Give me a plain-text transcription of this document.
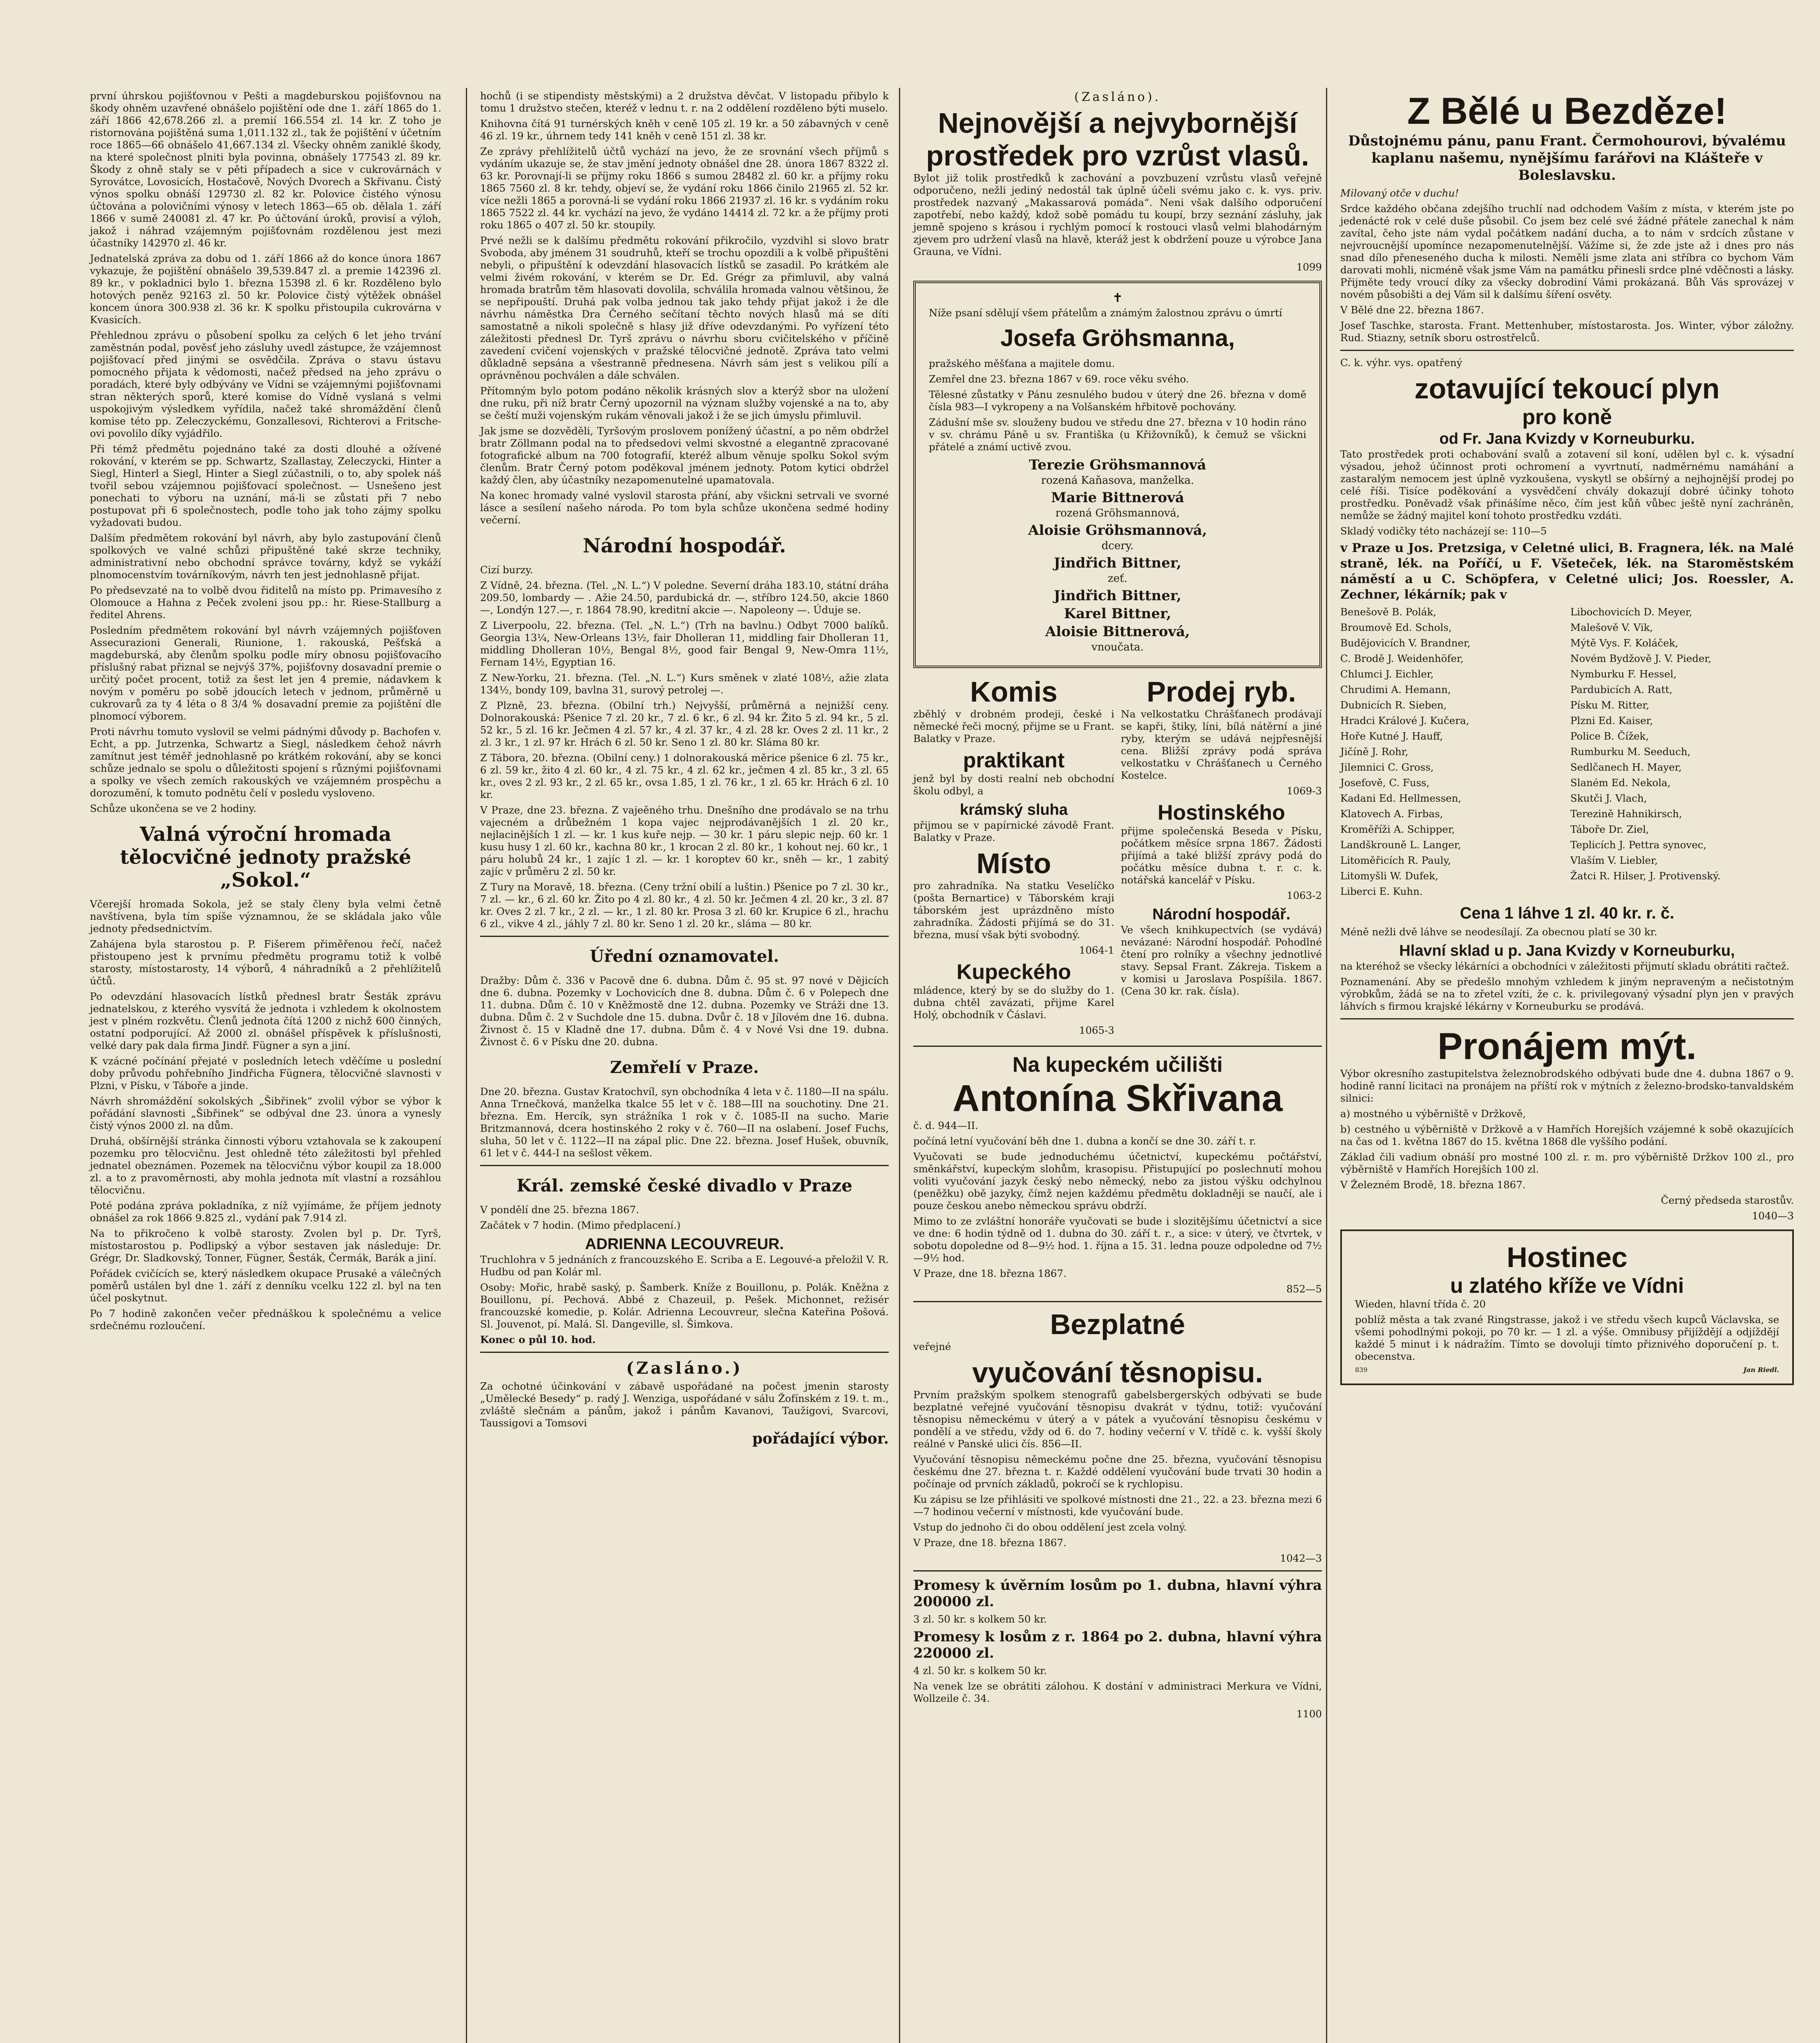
první úhrskou pojišťovnou v Pešti a magdeburskou pojišťovnou na škody ohněm uzavřené obnášelo pojištění ode dne 1. září 1865 do 1. září 1866 42,678.266 zl. a premií 166.554 zl. 14 kr. Z toho je ristornována pojištěná suma 1,011.132 zl., tak že pojištění v účetním roce 1865—66 obnášelo 41,667.134 zl. Všecky ohněm zaniklé škody, na které společnost plniti byla povinna, obnášely 177543 zl. 89 kr. Škody z ohně staly se v pěti případech a sice v cukrovárnách v Syrovátce, Lovosicích, Hostačově, Nových Dvorech a Skřivanu. Čistý výnos spolku obnáší 129730 zl. 82 kr. Polovice čistého výnosu účtována a polovičními výnosy v letech 1863—65 ob. dělala 1. září 1866 v sumě 240081 zl. 47 kr. Po účtování úroků, provisí a výloh, jakož i náhrad vzájemným pojišťovnám rozdělenou jest mezi účastníky 142970 zl. 46 kr.

Jednatelská zpráva za dobu od 1. září 1866 až do konce února 1867 vykazuje, že pojištění obnášelo 39,539.847 zl. a premie 142396 zl. 89 kr., v pokladnici bylo 1. března 15398 zl. 6 kr. Rozděleno bylo hotových peněz 92163 zl. 50 kr. Polovice čistý výtěžek obnášel koncem února 300.938 zl. 36 kr. K spolku přistoupila cukrovárna v Kvasicích.

Přehlednou zprávu o působení spolku za celých 6 let jeho trvání zaměstnán podal, pověsť jeho zásluhy uvedl zástupce, že vzájemnost pojišťovací před jinými se osvědčila. Zpráva o stavu ústavu pomocného přijata k vědomosti, načež předsed na jeho zprávu o poradách, které byly odbývány ve Vídni se vzájemnými pojišťovnami stran některých sporů, které komise do Vídně vyslaná s velmi uspokojivým výsledkem vyřídila, načež také shromáždění členů komise této pp. Zeleczyckému, Gonzallesovi, Richterovi a Fritsche-ovi povolilo díky vyjádřilo.

Při témž předmětu pojednáno také za dosti dlouhé a ožívené rokování, v kterém se pp. Schwartz, Szallastay, Zeleczycki, Hinter a Siegl, Hinterl a Siegl, Hinter a Siegl zúčastnili, o to, aby spolek náš tvořil sebou vzájemnou pojišťovací společnost. — Usnešeno jest ponechati to výboru na uznání, má-li se zůstati při 7 nebo postupovat při 6 společnostech, podle toho jak toho zájmy spolku vyžadovati budou.

Dalším předmětem rokování byl návrh, aby bylo zastupování členů spolkových ve valné schůzi připuštěné také skrze techniky, administrativní nebo obchodní správce továrny, když se vykáží plnomocenstvím továrníkovým, návrh ten jest jednohlasně přijat.

Po předsevzaté na to volbě dvou řiditelů na místo pp. Primavesího z Olomouce a Hahna z Peček zvoleni jsou pp.: hr. Riese-Stallburg a ředitel Ahrens.

Posledním předmětem rokování byl návrh vzájemných pojišťoven Assecurazioni Generali, Riunione, 1. rakouská, Pešťská a magdeburská, aby členům spolku podle míry obnosu pojišťovacího příslušný rabat přiznal se nejvýš 37%, pojišťovny dosavadní premie o určitý počet procent, totiž za šest let jen 4 premie, nádavkem k novým v poměru po sobě jdoucích letech v jednom, průměrně u cukrovarů za ty 4 léta o 8 3/4 % dosavadní premie za pojištění dle plnomocí výborem.

Proti návrhu tomuto vyslovil se velmi pádnými důvody p. Bachofen v. Echt, a pp. Jutrzenka, Schwartz a Siegl, následkem čehož návrh zamítnut jest téměř jednohlasně po krátkém rokování, aby se konci schůze jednalo se spolu o důležitosti spojení s různými pojišťovnami a spolky ve všech zemích rakouských ve vzájemném prospěchu a dorozumění, k tomuto podnětu čelí v posledu vysloveno.

Schůze ukončena se ve 2 hodiny.

Valná výroční hromada tělocvičné jednoty pražské „Sokol.“

Včerejší hromada Sokola, jež se staly členy byla velmi četně navštívena, byla tím spíše významnou, že se skládala jako vůle jednoty předsednictvím.

Zahájena byla starostou p. P. Fišerem přiměřenou řečí, načež přistoupeno jest k prvnímu předmětu programu totiž k volbě starosty, místostarosty, 14 výborů, 4 náhradníků a 2 přehlížitelů účtů.

Po odevzdání hlasovacích lístků přednesl bratr Šesták zprávu jednatelskou, z kterého vysvítá že jednota i vzhledem k okolnostem jest v plném rozkvětu. Členů jednota čítá 1200 z nichž 600 činných, ostatní podporující. Až 2000 zl. obnášel příspěvek k příslušnosti, velké dary pak dala firma Jindř. Fügner a syn a jiní.

K vzácné počínání přejaté v posledních letech vděčíme u poslední doby průvodu pohřebního Jindřicha Fügnera, tělocvičné slavnosti v Plzni, v Písku, v Táboře a jinde.

Návrh shromáždění sokolských „Šibřinek“ zvolil výbor se výbor k pořádání slavnosti „Šibřinek“ se odbýval dne 23. února a vynesly čistý výnos 2000 zl. na dům.

Druhá, obšírnější stránka činnosti výboru vztahovala se k zakoupení pozemku pro tělocvičnu. Jest ohledně této záležitosti byl přehled jednatel obeznámen. Pozemek na tělocvičnu výbor koupil za 18.000 zl. a to z pravoměrnosti, aby mohla jednota mít vlastní a rozsáhlou tělocvičnu.

Poté podána zpráva pokladníka, z níž vyjímáme, že příjem jednoty obnášel za rok 1866 9.825 zl., vydání pak 7.914 zl.

Na to přikročeno k volbě starosty. Zvolen byl p. Dr. Tyrš, místostarostou p. Podlipský a výbor sestaven jak následuje: Dr. Grégr, Dr. Sladkovský, Tonner, Fügner, Šesták, Čermák, Barák a jiní.

Pořádek cvičících se, který následkem okupace Prusaké a válečných poměrů ustálen byl dne 1. září z denníku vcelku 122 zl. byl na ten účel poskytnut.

Po 7 hodině zakončen večer přednáškou k společnému a velice srdečnému rozloučení.

hochů (i se stipendisty městskými) a 2 družstva děvčat. V listopadu přibylo k tomu 1 družstvo stečen, kteréž v lednu t. r. na 2 oddělení rozděleno býti muselo.

Knihovna čítá 91 turnérských kněh v ceně 105 zl. 19 kr. a 50 zábavných v ceně 46 zl. 19 kr., úhrnem tedy 141 kněh v ceně 151 zl. 38 kr.

Ze zprávy přehlížitelů účtů vychází na jevo, že ze srovnání všech příjmů s vydáním ukazuje se, že stav jmění jednoty obnášel dne 28. února 1867 8322 zl. 63 kr. Porovnají-li se příjmy roku 1866 s sumou 28482 zl. 60 kr. a příjmy roku 1865 7560 zl. 8 kr. tehdy, objeví se, že vydání roku 1866 činilo 21965 zl. 52 kr. více nežli 1865 a porovná-li se vydání roku 1866 21937 zl. 16 kr. s vydáním roku 1865 7522 zl. 44 kr. vychází na jevo, že vydáno 14414 zl. 72 kr. a že příjmy proti roku 1865 o 407 zl. 50 kr. stoupily.

Prvé nežli se k dalšímu předmětu rokování přikročilo, vyzdvihl si slovo bratr Svoboda, aby jménem 31 soudruhů, kteří se trochu opozdili a k volbě připuštěni nebyli, o připuštění k odevzdání hlasovacích lístků se zasadil. Po krátkém ale velmi živém rokování, v kterém se Dr. Ed. Grégr za přimluvil, aby valná hromada bratrům těm hlasovati dovolila, schválila hromada valnou většinou, že se nepřipouští. Druhá pak volba jednou tak jako tehdy přijat jakož i že dle návrhu náměstka Dra Černého sečítaní těchto nových hlasů má se díti samostatně a nikoli společně s hlasy již dříve odevzdanými. Po vyřízení této záležitosti přednesl Dr. Tyrš zprávu o návrhu sboru cvičitelského v příčině zavedení cvičení vojenských v pražské tělocvičné jednotě. Zpráva tato velmi důkladně sepsána a všestranně přednesena. Návrh sám jest s velikou pílí a oprávněnou pochválen a dále schválen.

Přítomným bylo potom podáno několik krásných slov a kterýž sbor na uložení dne ruku, při níž bratr Černý upozornil na význam služby vojenské a na to, aby se čeští muži vojenským rukám věnovali jakož i že se jich úmyslu přimluvil.

Jak jsme se dozvěděli, Tyršovým proslovem ponížený účastní, a po něm obdržel bratr Zöllmann podal na to předsedovi velmi skvostné a elegantně zpracované fotografické album na 700 fotografií, kteréž album věnuje spolku Sokol svým členům. Bratr Černý potom poděkoval jménem jednoty. Potom kytici obdržel každý člen, aby účastníky nezapomenutelné upamatovala.

Na konec hromady valné vyslovil starosta přání, aby všickni setrvali ve svorné lásce a sesílení našeho národa. Po tom byla schůze ukončena sedmé hodiny večerní.

Národní hospodář.

Cizí burzy.

Z Vídně, 24. března. (Tel. „N. L.“) V poledne. Severní dráha 183.10, státní dráha 209.50, lombardy — . Ažie 24.50, pardubická dr. —, stříbro 124.50, akcie 1860 —, Londýn 127.—, r. 1864 78.90, kreditní akcie —. Napoleony —. Úduje se.

Z Liverpoolu, 22. března. (Tel. „N. L.“) (Trh na bavlnu.) Odbyt 7000 balíků. Georgia 13¼, New-Orleans 13½, fair Dholleran 11, middling fair Dholleran 11, middling Dholleran 10½, Bengal 8½, good fair Bengal 9, New-Omra 11½, Fernam 14½, Egyptian 16.

Z New-Yorku, 21. března. (Tel. „N. L.“) Kurs směnek v zlaté 108½, ažie zlata 134½, bondy 109, bavlna 31, surový petrolej —.

Z Plzně, 23. března. (Obilní trh.) Nejvyšší, průměrná a nejnižší ceny. Dolnorakouská: Pšenice 7 zl. 20 kr., 7 zl. 6 kr., 6 zl. 94 kr. Žito 5 zl. 94 kr., 5 zl. 52 kr., 5 zl. 16 kr. Ječmen 4 zl. 57 kr., 4 zl. 37 kr., 4 zl. 28 kr. Oves 2 zl. 11 kr., 2 zl. 3 kr., 1 zl. 97 kr. Hrách 6 zl. 50 kr. Seno 1 zl. 80 kr. Sláma 80 kr.

Z Tábora, 20. března. (Obilní ceny.) 1 dolnorakouská měrice pšenice 6 zl. 75 kr., 6 zl. 59 kr., žito 4 zl. 60 kr., 4 zl. 75 kr., 4 zl. 62 kr., ječmen 4 zl. 85 kr., 3 zl. 65 kr., oves 2 zl. 93 kr., 2 zl. 65 kr., ovsa 1.85, 1 zl. 76 kr., 1 zl. 65 kr. Hrách 6 zl. 10 kr.

V Praze, dne 23. března. Z vajeěného trhu. Dnešního dne prodávalo se na trhu vajecném a drůbežném 1 kopa vajec nejprodávanějších 1 zl. 20 kr., nejlacinějších 1 zl. — kr. 1 kus kuře nejp. — 30 kr. 1 páru slepic nejp. 60 kr. 1 kusu husy 1 zl. 60 kr., kachna 80 kr., 1 krocan 2 zl. 80 kr., 1 kohout nej. 60 kr., 1 páru holubů 24 kr., 1 zajíc 1 zl. — kr. 1 koroptev 60 kr., sněh — kr., 1 zabitý zajíc v průměru 2 zl. 50 kr.

Z Tury na Moravě, 18. března. (Ceny tržní obilí a luštin.) Pšenice po 7 zl. 30 kr., 7 zl. — kr., 6 zl. 60 kr. Žito po 4 zl. 80 kr., 4 zl. 50 kr. Ječmen 4 zl. 20 kr., 3 zl. 87 kr. Oves 2 zl. 7 kr., 2 zl. — kr., 1 zl. 80 kr. Prosa 3 zl. 60 kr. Krupice 6 zl., hrachu 6 zl., vikve 4 zl., jáhly 7 zl. 80 kr. Seno 1 zl. 20 kr., sláma — 80 kr.

Úřední oznamovatel.

Dražby: Dům č. 336 v Pacově dne 6. dubna. Dům č. 95 st. 97 nové v Dějicích dne 6. dubna. Pozemky v Lochovicích dne 8. dubna. Dům č. 6 v Polepech dne 11. dubna. Dům č. 10 v Kněžmostě dne 12. dubna. Pozemky ve Stráži dne 13. dubna. Dům č. 2 v Suchdole dne 15. dubna. Dvůr č. 18 v Jílovém dne 16. dubna. Živnost č. 15 v Kladně dne 17. dubna. Dům č. 4 v Nové Vsi dne 19. dubna. Živnost č. 6 v Písku dne 20. dubna.

Zemřelí v Praze.

Dne 20. března. Gustav Kratochvíl, syn obchodníka 4 leta v č. 1180—II na spálu. Anna Trnečková, manželka tkalce 55 let v č. 188—III na souchotiny. Dne 21. března. Em. Hercík, syn strážníka 1 rok v č. 1085-II na sucho. Marie Britzmannová, dcera hostinského 2 roky v č. 760—II na oslabení. Josef Fuchs, sluha, 50 let v č. 1122—II na zápal plic. Dne 22. března. Josef Hušek, obuvník, 61 let v č. 444-I na sešlost věkem.

Král. zemské české divadlo v Praze

V pondělí dne 25. března 1867.

Začátek v 7 hodin. (Mimo předplacení.)

ADRIENNA LECOUVREUR.

Truchlohra v 5 jednáních z francouzského E. Scriba a E. Legouvé-a přeložil V. R. Hudbu od pan Kolár ml.

Osoby: Mořic, hrabě saský, p. Šamberk. Kníže z Bouillonu, p. Polák. Kněžna z Bouillonu, pí. Pechová. Abbé z Chazeuil, p. Pešek. Michonnet, režisér francouzské komedie, p. Kolár. Adrienna Lecouvreur, slečna Kateřina Pošová. Sl. Jouvenot, pí. Malá. Sl. Dangeville, sl. Šimkova.

Konec o půl 10. hod.

(Zasláno.)

Za ochotné účinkování v zábavě uspořádané na počest jmenin starosty „Umělecké Besedy“ p. radý J. Wenziga, uspořádané v sálu Žofínském z 19. t. m., zvláště slečnám a pánům, jakož i pánům Kavanovi, Taužigovi, Svarcovi, Taussigovi a Tomsovi

pořádající výbor.

(Zasláno).

Nejnovější a nejvybornější prostředek pro vzrůst vlasů.

Bylot již tolik prostředků k zachování a povzbuzení vzrůstu vlasů veřejně odporučeno, nežli jediný nedostál tak úplně účeli svému jako c. k. vys. priv. prostředek nazvaný „Makassarová pomáda“. Neni však dalšího odporučení zapotřebí, nebo každý, kdož sobě pomádu tu koupí, brzy seznání zásluhy, jak jemně spojeno s krásou i rychlým pomocí k rostouci vlasů velmi blahodárným zjevem pro udržení vlasů na hlavě, kteráž jest k obdržení pouze u výrobce Jana Grauna, ve Vídni.

1099

Níže psaní sdělují všem přátelům a známým žalostnou zprávu o úmrtí

Josefa Gröhsmanna,

pražského měšťana a majitele domu.

Zemřel dne 23. března 1867 v 69. roce věku svého.

Tělesné zůstatky v Pánu zesnulého budou v úterý dne 26. března v domě čísla 983—I vykropeny a na Volšanském hřbitově pochovány.

Zádušní mše sv. slouženy budou ve středu dne 27. března v 10 hodin ráno v sv. chrámu Páně u sv. Františka (u Křižovníků), k čemuž se všickni přátelé a známí uctivě zvou.

Terezie Gröhsmannová

rozená Kaňasova, manželka.

Marie Bittnerová

rozená Gröhsmannová,

Aloisie Gröhsmannová,

dcery.

Jindřich Bittner,

zeť.

Jindřich Bittner,

Karel Bittner,

Aloisie Bittnerová,

vnoučata.

Komis

zběhlý v drobném prodeji, české i německé řeči mocný, přijme se u Frant. Balatky v Praze.

praktikant

jenž byl by dosti realní neb obchodní školu odbyl, a

krámský sluha

přijmou se v papírnické závodě Frant. Balatky v Praze.

Místo

pro zahradníka. Na statku Veselíčko (pošta Bernartice) v Táborském kraji táborském jest uprázdněno místo zahradníka. Žádosti přijímá se do 31. března, musí však býti svobodný.

1064-1

Kupeckého

mládence, který by se do služby do 1. dubna chtěl zavázati, přijme Karel Holý, obchodník v Čáslavi.

1065-3

Prodej ryb.

Na velkostatku Chrášťanech prodávají se kapři, štiky, líni, bílá nátěrní a jiné ryby, kterým se udává nejpřesnější cena. Bližší zprávy podá správa velkostatku v Chrášťanech u Černého Kostelce.

1069-3

Hostinského

přijme společenská Beseda v Písku, počátkem měsíce srpna 1867. Žádosti přijímá a také bližší zprávy podá do počátku měsíce dubna t. r. c. k. notářská kancelář v Písku.

1063-2

Národní hospodář.

Ve všech knihkupectvích (se vydává) nevázané: Národní hospodář. Pohodlné čtení pro rolníky a všechny jednotlivé stavy. Sepsal Frant. Zákreja. Tiskem a v komisi u Jaroslava Pospíšila. 1867. (Cena 30 kr. rak. čísla).

Na kupeckém učilišti

Antonína Skřivana

č. d. 944—II.

počíná letní vyučování běh dne 1. dubna a končí se dne 30. září t. r.

Vyučovati se bude jednoduchému účetnictví, kupeckému počtářství, směnkářství, kupeckým slohům, krasopisu. Přistupující po poslechnutí mohou voliti vyučování jazyk český nebo německý, nebo za jistou výšku odchylnou (peněžku) obě jazyky, čímž nejen každému předmětu dokladněji se naučí, ale i pouze českou anebo německou správu obdrží.

Mimo to ze zvláštní honoráře vyučovati se bude i slozitějšímu účetnictví a sice ve dne: 6 hodin týdně od 1. dubna do 30. září t. r., a sice: v úterý, ve čtvrtek, v sobotu dopoledne od 8—9½ hod. 1. října a 15. 31. ledna pouze odpoledne od 7½—9½ hod.

V Praze, dne 18. března 1867.

852—5

Bezplatné

veřejné

vyučování těsnopisu.

Prvním pražským spolkem stenografů gabelsbergerských odbývati se bude bezplatné veřejné vyučování těsnopisu dvakrát v týdnu, totiž: vyučování těsnopisu německému v úterý a v pátek a vyučování těsnopisu českému v pondělí a ve středu, vždy od 6. do 7. hodiny večerní v V. třídě c. k. vyšší školy reálné v Panské ulici čís. 856—II.

Vyučování těsnopisu německému počne dne 25. března, vyučování těsnopisu českému dne 27. března t. r. Každé oddělení vyučování bude trvati 30 hodin a počínaje od prvních základů, pokročí se k rychlopisu.

Ku zápisu se lze přihlásiti ve spolkové místnosti dne 21., 22. a 23. března mezi 6—7 hodinou večerní v místnosti, kde vyučování bude.

Vstup do jednoho či do obou oddělení jest zcela volný.

V Praze, dne 18. března 1867.

1042—3

Promesy k úvěrním losům po 1. dubna, hlavní výhra 200000 zl.

3 zl. 50 kr. s kolkem 50 kr.

Promesy k losům z r. 1864 po 2. dubna, hlavní výhra 220000 zl.

4 zl. 50 kr. s kolkem 50 kr.

Na venek lze se obrátiti zálohou. K dostání v administraci Merkura ve Vídni, Wollzeile č. 34.

1100

Z Bělé u Bezděze!

Důstojnému pánu, panu Frant. Čermohourovi, bývalému kaplanu našemu, nynějšímu farářovi na Klášteře v Boleslavsku.

Milovaný otče v duchu!

Srdce každého občana zdejšího truchlí nad odchodem Vaším z místa, v kterém jste po jedenácté rok v celé duše působil. Co jsem bez celé své žádné přátele zanechal k nám zavítal, čeho jste nám vydal počátkem nadání ducha, a to nám v srdcích zůstane v nejvroucnější upomínce nezapomenutelnější. Vážíme si, že zde jste až i dnes pro nás snad dílo přeneseného ducha k milosti. Neměli jsme zlata ani stříbra co bychom Vám darovati mohli, nicméně však jsme Vám na památku přinesli srdce plné vděčnosti a lásky. Přijměte tedy vroucí díky za všecky dobrodiní Vámi prokázaná. Bůh Vás sprovázej v novém působišti a dej Vám sil k dalšímu šíření osvěty.

V Bělé dne 22. března 1867.

Josef Taschke, starosta. Frant. Mettenhuber, místostarosta. Jos. Winter, výbor záložny. Rud. Stiazny, setník sboru ostrostřelců.

C. k. výhr. vys. opatřený

zotavující tekoucí plyn

pro koně

od Fr. Jana Kvizdy v Korneuburku.

Tato prostředek proti ochabování svalů a zotavení sil koní, udělen byl c. k. výsadní výsadou, jehož účinnost proti ochromení a vyvrtnutí, nadměrnému namáhání a zastaralým nemocem jest úplně vyzkoušena, vyskytl se obšírný a nejhojnější prodej po celé říši. Tisíce poděkování a vysvědčení chvály dokazují dobré účinky tohoto prostředku. Poněvadž však přinášíme něco, čím jest kůň vůbec ještě nyní zachráněn, nemůže se žádný majitel koní tohoto prostředku vzdáti.

Skladý vodičky této nacházejí se: 110—5

v Praze u Jos. Pretzsiga, v Celetné ulici, B. Fragnera, lék. na Malé straně, lék. na Poříčí, u F. Všeteček, lék. na Staroměstském náměstí a u C. Schöpfera, v Celetné ulici; Jos. Roessler, A. Zechner, lékárník; pak v

Benešově B. Polák,

Broumově Ed. Schols,

Budějovicích V. Brandner,

C. Brodě J. Weidenhöfer,

Chlumci J. Eichler,

Chrudimi A. Hemann,

Dubnicích R. Sieben,

Hradci Králové J. Kučera,

Hoře Kutné J. Hauff,

Jičíně J. Rohr,

Jilemnici C. Gross,

Josefově, C. Fuss,

Kadani Ed. Hellmessen,

Klatovech A. Firbas,

Kroměříži A. Schipper,

Landškrouně L. Langer,

Litoměřicích R. Pauly,

Litomyšli W. Dufek,

Liberci E. Kuhn.

Libochovicích D. Meyer,

Malešově V. Vik,

Mýtě Vys. F. Koláček,

Novém Bydžově J. V. Pieder,

Nymburku F. Hessel,

Pardubicích A. Ratt,

Písku M. Ritter,

Plzni Ed. Kaiser,

Police B. Čížek,

Rumburku M. Seeduch,

Sedlčanech H. Mayer,

Slaném Ed. Nekola,

Skutči J. Vlach,

Terezině Hahnikirsch,

Táboře Dr. Ziel,

Teplicích J. Pettra synovec,

Vlaším V. Liebler,

Žatci R. Hilser, J. Protivenský.

Cena 1 láhve 1 zl. 40 kr. r. č.

Méně nežli dvě láhve se neodesílají. Za obecnou platí se 30 kr.

Hlavní sklad u p. Jana Kvizdy v Korneuburku,

na kteréhož se všecky lékárníci a obchodníci v záležitosti přijmutí skladu obrátiti račtež.

Poznamenání. Aby se předešlo mnohým vzhledem k jiným nepraveným a nečistotným výrobkům, žádá se na to zřetel vzíti, že c. k. privilegovaný výsadní plyn jen v pravých láhvích s firmou krajské lékárny v Korneuburku se prodává.

Pronájem mýt.

Výbor okresního zastupitelstva železnobrodského odbývati bude dne 4. dubna 1867 o 9. hodině ranní licitaci na pronájem na příští rok v mýtních z železno-brodsko-tanvaldském silnici:

a) mostného u výběrniště v Držkově,

b) cestného u výběrniště v Držkově a v Hamřích Horejších vzájemné k sobě okazujících na čas od 1. května 1867 do 15. května 1868 dle vyššího podání.

Základ čili vadium obnáší pro mostné 100 zl. r. m. pro výběrniště Držkov 100 zl., pro výběrniště v Hamřích Horejších 100 zl.

V Železném Brodě, 18. března 1867.

Černý předseda starostův.

1040—3

Hostinec

u zlatého kříže ve Vídni

Wieden, hlavní třída č. 20

poblíž města a tak zvané Ringstrasse, jakož i ve středu všech kupců Václavska, se všemi pohodlnými pokoji, po 70 kr. — 1 zl. a výše. Omnibusy přijíždějí a odjíždějí každé 5 minut i k nádražím. Tímto se dovoluji tímto přiznivého doporučení p. t. obecenstva.

839	Jan Riedl.
